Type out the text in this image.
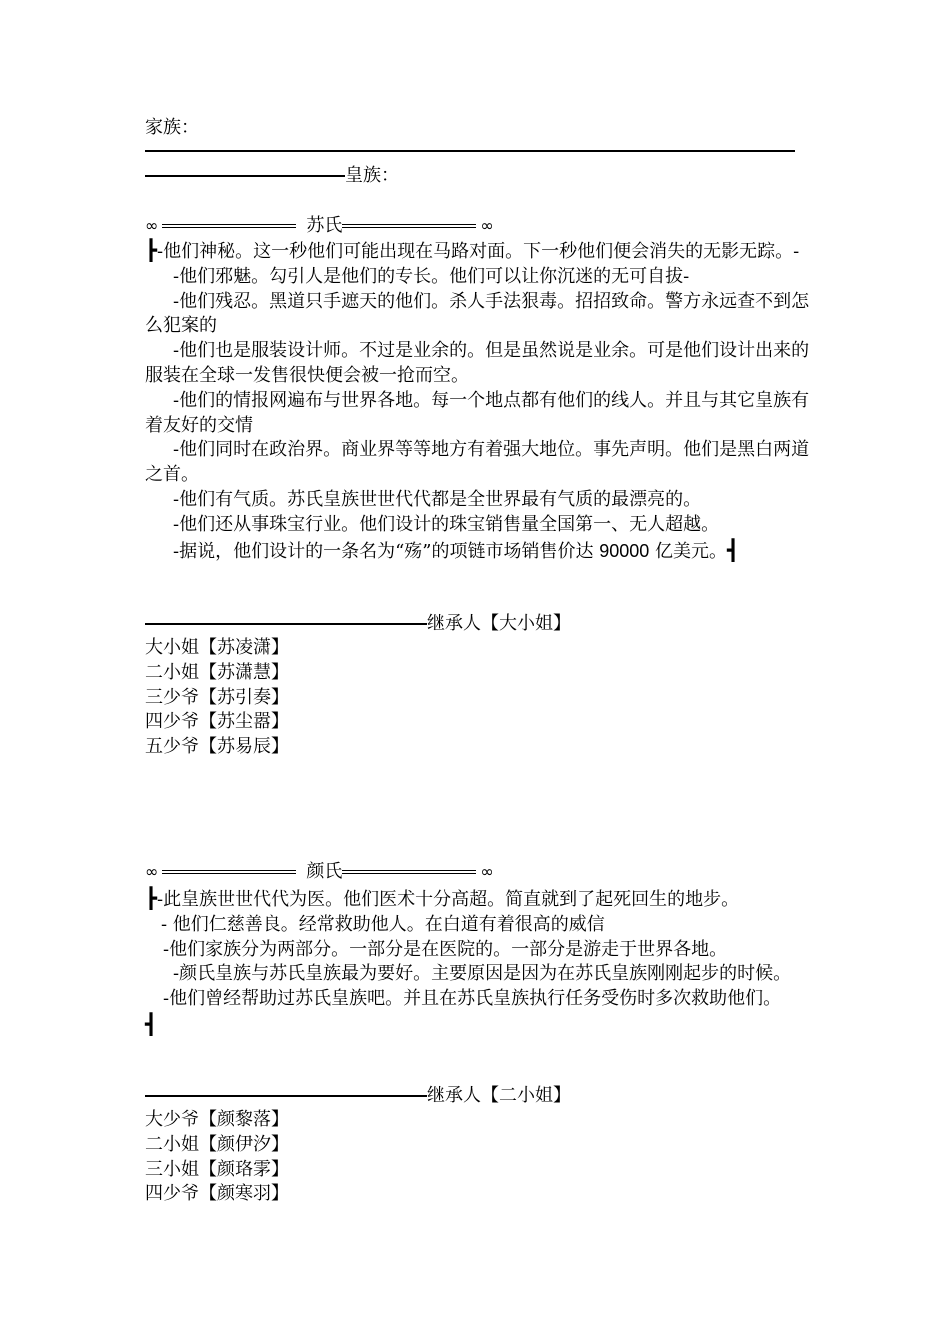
家族：
皇族：
∞	苏氏	∞
┣-他们神秘。这一秒他们可能出现在马路对面。下一秒他们便会消失的无影无踪。-
-他们邪魅。勾引人是他们的专长。他们可以让你沉迷的无可自拔-
-他们残忍。黑道只手遮天的他们。杀人手法狠毒。招招致命。警方永远查不到怎么犯案的
-他们也是服装设计师。不过是业余的。但是虽然说是业余。可是他们设计出来的服装在全球一发售很快便会被一抢而空。
-他们的情报网遍布与世界各地。每一个地点都有他们的线人。并且与其它皇族有着友好的交情
-他们同时在政治界。商业界等等地方有着强大地位。事先声明。他们是黑白两道之首。
-他们有气质。苏氏皇族世世代代都是全世界最有气质的最漂亮的。
-他们还从事珠宝行业。他们设计的珠宝销售量全国第一、无人超越。
-据说，他们设计的一条名为“殇”的项链市场销售价达 90000 亿美元。┫
继承人【大小姐】
大小姐【苏凌潇】
二小姐【苏潇慧】
三少爷【苏引奏】
四少爷【苏尘嚣】
五少爷【苏易辰】
∞	颜氏	∞
┣-此皇族世世代代为医。他们医术十分高超。简直就到了起死回生的地步。
- 他们仁慈善良。经常救助他人。在白道有着很高的威信
-他们家族分为两部分。一部分是在医院的。一部分是游走于世界各地。
-颜氏皇族与苏氏皇族最为要好。主要原因是因为在苏氏皇族刚刚起步的时候。
-他们曾经帮助过苏氏皇族吧。并且在苏氏皇族执行任务受伤时多次救助他们。
┫
继承人【二小姐】
大少爷【颜黎落】
二小姐【颜伊汐】
三小姐【颜珞雺】
四少爷【颜寒羽】
